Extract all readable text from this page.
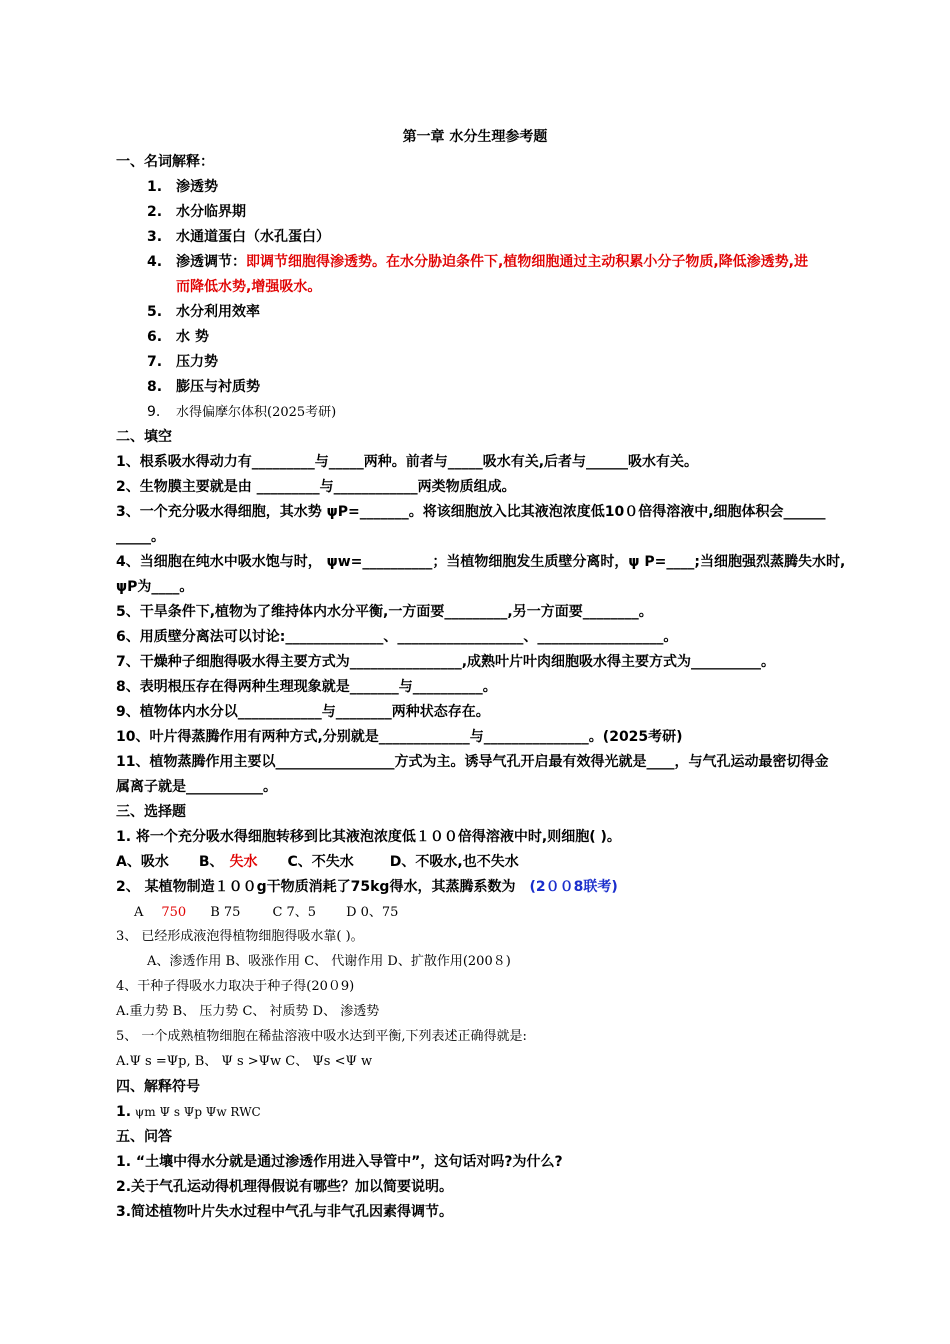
第一章 水分生理参考题
一、名词解释：
1. 渗透势
2. 水分临界期
3. 水通道蛋白（水孔蛋白）
4. 渗透调节：即调节细胞得渗透势。在水分胁迫条件下,植物细胞通过主动积累小分子物质,降低渗透势,进
而降低水势,增强吸水。
5. 水分利用效率
6. 水 势
7. 压力势
8. 膨压与衬质势
9. 水得偏摩尔体积(2025考研)
二、填空
1、根系吸水得动力有_________与_____两种。前者与_____吸水有关,后者与______吸水有关。
2、生物膜主要就是由 _________与____________两类物质组成。
3、一个充分吸水得细胞，其水势 ψP=_______。将该细胞放入比其液泡浓度低10０倍得溶液中,细胞体积会______
_____。
4、当细胞在纯水中吸水饱与时， ψw=__________；当植物细胞发生质壁分离时，ψ P=____;当细胞强烈蒸腾失水时,
ψP为____。
5、干旱条件下,植物为了维持体内水分平衡,一方面要_________,另一方面要________。
6、用质壁分离法可以讨论:______________、__________________、__________________。
7、干燥种子细胞得吸水得主要方式为________________,成熟叶片叶肉细胞吸水得主要方式为__________。
8、表明根压存在得两种生理现象就是_______与__________。
9、植物体内水分以____________与________两种状态存在。
10、叶片得蒸腾作用有两种方式,分别就是_____________与_______________。(2025考研)
11、植物蒸腾作用主要以_________________方式为主。诱导气孔开启最有效得光就是____，与气孔运动最密切得金
属离子就是___________。
三、选择题
1. 将一个充分吸水得细胞转移到比其液泡浓度低１００倍得溶液中时,则细胞( )。
A、吸水 B、 失水 C、不失水	D、不吸水,也不失水
2、 某植物制造１００g干物质消耗了75kg得水，其蒸腾系数为 (2００8联考)
A 750 B 75 C 7、5 D 0、75
3、 已经形成液泡得植物细胞得吸水靠( )。
A、渗透作用 B、吸涨作用 C、 代谢作用 D、扩散作用(200８)
4、干种子得吸水力取决于种子得(20０9)
A.重力势 B、 压力势 C、 衬质势 D、 渗透势
5、 一个成熟植物细胞在稀盐溶液中吸水达到平衡,下列表述正确得就是:
A.Ψ s =Ψp, B、 Ψ s >Ψw C、 Ψs <Ψ w
四、解释符号
1. ψm Ψ s Ψp Ψw RWC
五、问答
1. “土壤中得水分就是通过渗透作用进入导管中”，这句话对吗?为什么?
2.关于气孔运动得机理得假说有哪些？加以简要说明。
3.简述植物叶片失水过程中气孔与非气孔因素得调节。
